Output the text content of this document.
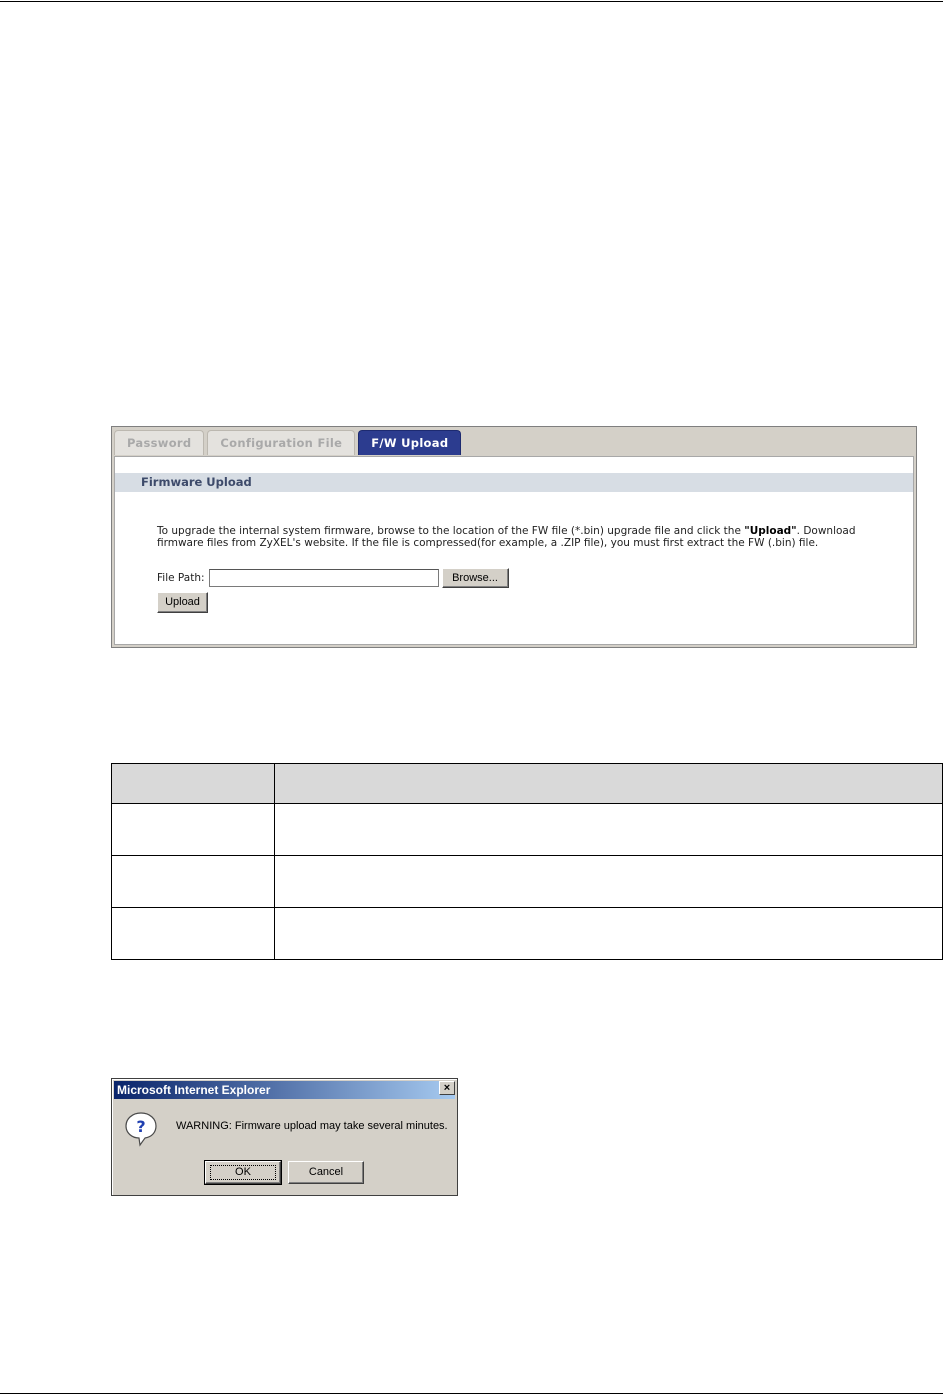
Password	Configuration File	F/W Upload
Firmware Upload
To upgrade the internal system firmware, browse to the location of the FW file (*.bin) upgrade file and click the "Upload". Download firmware files from ZyXEL's website. If the file is compressed(for example, a .ZIP file), you must first extract the FW (.bin) file.
File Path:	Browse...
Upload

Microsoft Internet Explorer	×
?	WARNING: Firmware upload may take several minutes.
OK	Cancel
